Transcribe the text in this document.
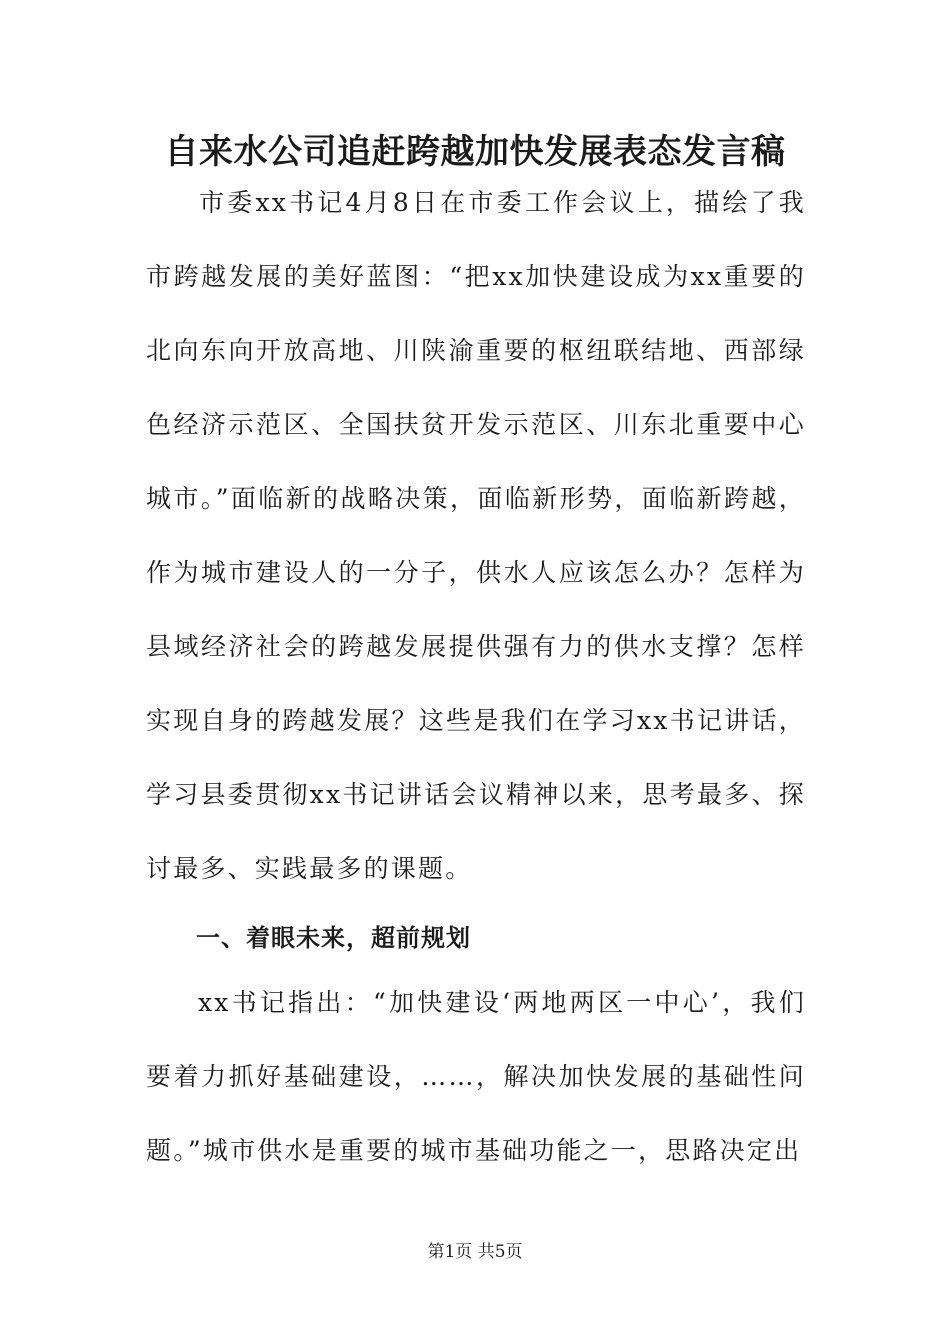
自来水公司追赶跨越加快发展表态发言稿
市委xx书记4月8日在市委工作会议上，描绘了我市跨越发展的美好蓝图：“把xx加快建设成为xx重要的北向东向开放高地、川陕渝重要的枢纽联结地、西部绿色经济示范区、全国扶贫开发示范区、川东北重要中心城市。”面临新的战略决策，面临新形势，面临新跨越，作为城市建设人的一分子，供水人应该怎么办？怎样为县域经济社会的跨越发展提供强有力的供水支撑？怎样实现自身的跨越发展？这些是我们在学习xx书记讲话，学习县委贯彻xx书记讲话会议精神以来，思考最多、探讨最多、实践最多的课题。
一、着眼未来，超前规划
xx书记指出：“加快建设‘两地两区一中心’，我们要着力抓好基础建设，……，解决加快发展的基础性问题。”城市供水是重要的城市基础功能之一，思路决定出
第1页 共5页
